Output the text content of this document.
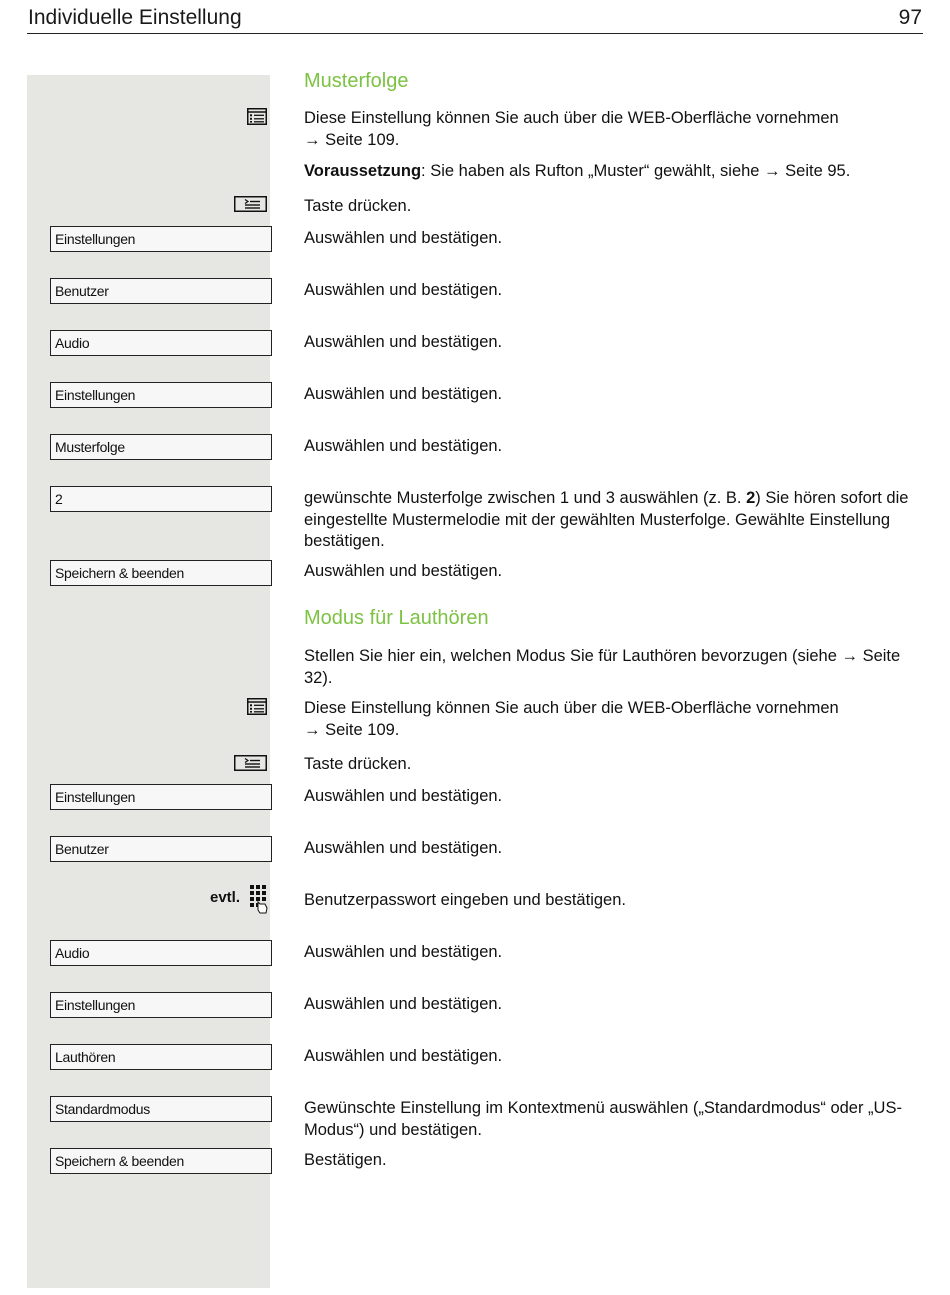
Individuelle Einstellung	97
Musterfolge
Diese Einstellung können Sie auch über die WEB-Oberfläche vornehmen
→ Seite 109.
Voraussetzung: Sie haben als Rufton „Muster“ gewählt, siehe → Seite 95.
Taste drücken.
Einstellungen	Auswählen und bestätigen.
Benutzer	Auswählen und bestätigen.
Audio	Auswählen und bestätigen.
Einstellungen	Auswählen und bestätigen.
Musterfolge	Auswählen und bestätigen.
2	gewünschte Musterfolge zwischen 1 und 3 auswählen (z. B. 2) Sie hören sofort die eingestellte Mustermelodie mit der gewählten Musterfolge. Gewählte Einstellung bestätigen.
Speichern & beenden	Auswählen und bestätigen.
Modus für Lauthören
Stellen Sie hier ein, welchen Modus Sie für Lauthören bevorzugen (siehe → Seite 32).
Diese Einstellung können Sie auch über die WEB-Oberfläche vornehmen
→ Seite 109.
Taste drücken.
Einstellungen	Auswählen und bestätigen.
Benutzer	Auswählen und bestätigen.
evtl.	Benutzerpasswort eingeben und bestätigen.
Audio	Auswählen und bestätigen.
Einstellungen	Auswählen und bestätigen.
Lauthören	Auswählen und bestätigen.
Standardmodus	Gewünschte Einstellung im Kontextmenü auswählen („Standardmodus“ oder „US-Modus“) und bestätigen.
Speichern & beenden	Bestätigen.
